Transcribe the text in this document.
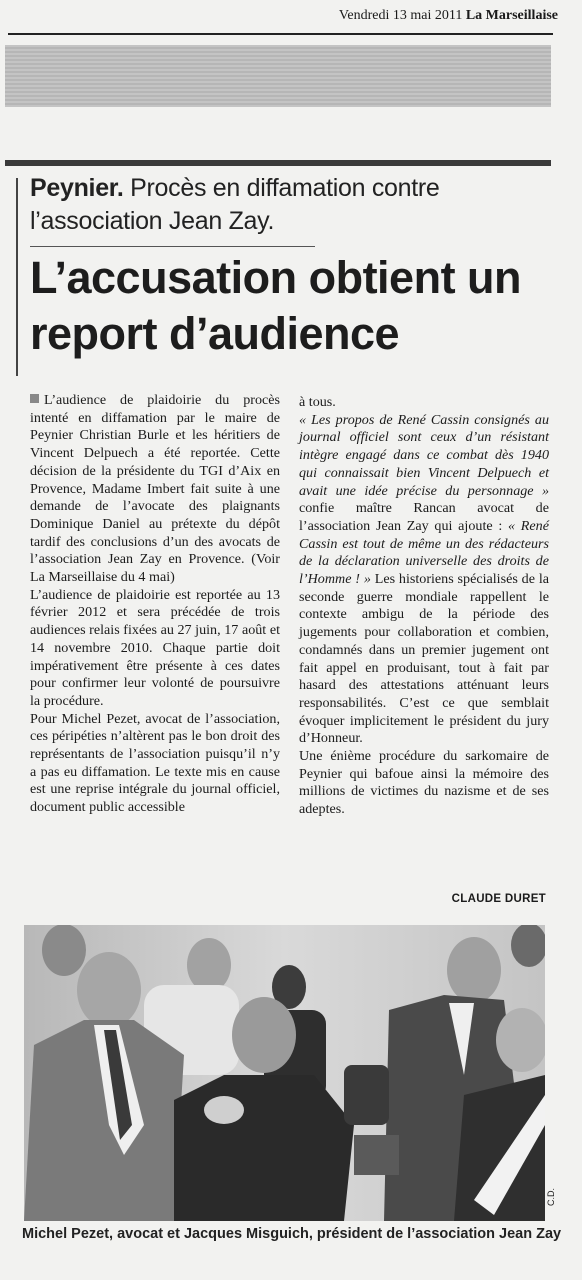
Vendredi 13 mai 2011 La Marseillaise
Peynier. Procès en diffamation contre l’association Jean Zay.
L’accusation obtient un report d’audience

L’audience de plaidoirie du procès intenté en diffamation par le maire de Peynier Christian Burle et les héritiers de Vincent Delpuech a été reportée. Cette décision de la présidente du TGI d’Aix en Provence, Madame Imbert fait suite à une demande de l’avocate des plaignants Dominique Daniel au prétexte du dépôt tardif des conclusions d’un des avocats de l’association Jean Zay en Provence. (Voir La Marseillaise du 4 mai)

L’audience de plaidoirie est reportée au 13 février 2012 et sera précédée de trois audiences relais fixées au 27 juin, 17 août et 14 novembre 2010. Chaque partie doit impérativement être présente à ces dates pour confirmer leur volonté de poursuivre la procédure.

Pour Michel Pezet, avocat de l’association, ces péripéties n’altèrent pas le bon droit des représentants de l’association puisqu’il n’y a pas eu diffamation. Le texte mis en cause est une reprise intégrale du journal officiel, document public accessible

à tous.

« Les propos de René Cassin consignés au journal officiel sont ceux d’un résistant intègre engagé dans ce combat dès 1940 qui connaissait bien Vincent Delpuech et avait une idée précise du personnage » confie maître Rancan avocat de l’association Jean Zay qui ajoute : « René Cassin est tout de même un des rédacteurs de la déclaration universelle des droits de l’Homme ! » Les historiens spécialisés de la seconde guerre mondiale rappellent le contexte ambigu de la période des jugements pour collaboration et combien, condamnés dans un premier jugement ont fait appel en produisant, tout à fait par hasard des attestations atténuant leurs responsabilités. C’est ce que semblait évoquer implicitement le président du jury d’Honneur.

Une énième procédure du sarkomaire de Peynier qui bafoue ainsi la mémoire des millions de victimes du nazisme et de ses adeptes.

CLAUDE DURET
C.D.
Michel Pezet, avocat et Jacques Misguich, président de l’association Jean Zay
